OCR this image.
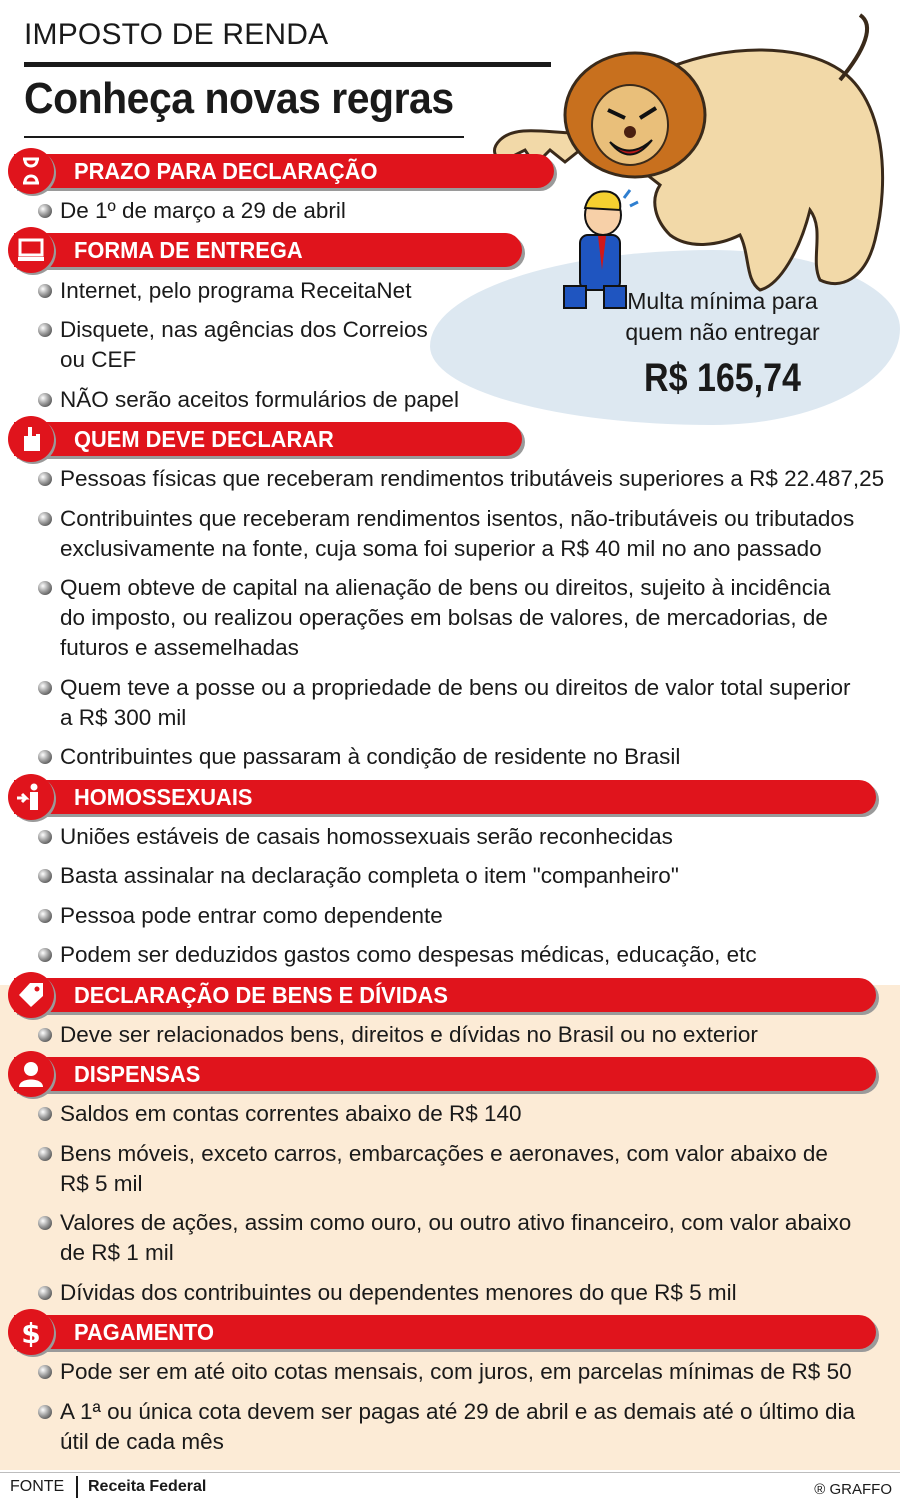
IMPOSTO DE RENDA
Conheça novas regras
Multa mínima para
quem não entregar
R$ 165,74
PRAZO PARA DECLARAÇÃO
De 1º de março a 29 de abril
FORMA DE ENTREGA
Internet, pelo programa ReceitaNet
Disquete, nas agências dos Correios
ou CEF
NÃO serão aceitos formulários de papel
QUEM DEVE DECLARAR
Pessoas físicas que receberam rendimentos tributáveis superiores a R$ 22.487,25
Contribuintes que receberam rendimentos isentos, não-tributáveis ou tributados
exclusivamente na fonte, cuja soma foi superior a R$ 40 mil no ano passado
Quem obteve de capital na alienação de bens ou direitos, sujeito à incidência
do imposto, ou realizou operações em bolsas de valores, de mercadorias, de
futuros e assemelhadas
Quem teve a posse ou a propriedade de bens ou direitos de valor total superior
a R$ 300 mil
Contribuintes que passaram à condição de residente no Brasil
HOMOSSEXUAIS
Uniões estáveis de casais homossexuais serão reconhecidas
Basta assinalar na declaração completa o item "companheiro"
Pessoa pode entrar como dependente
Podem ser deduzidos gastos como despesas médicas, educação, etc
DECLARAÇÃO DE BENS E DÍVIDAS
Deve ser relacionados bens, direitos e dívidas no Brasil ou no exterior
DISPENSAS
Saldos em contas correntes abaixo de R$ 140
Bens móveis, exceto carros, embarcações e aeronaves, com valor abaixo de
R$ 5 mil
Valores de ações, assim como ouro, ou outro ativo financeiro, com valor abaixo
de R$ 1 mil
Dívidas dos contribuintes ou dependentes menores do que R$ 5 mil
$ PAGAMENTO
Pode ser em até oito cotas mensais, com juros, em parcelas mínimas de R$ 50
A 1ª ou única cota devem ser pagas até 29 de abril e as demais até o último dia
útil de cada mês
FONTE Receita Federal	® GRAFFO
